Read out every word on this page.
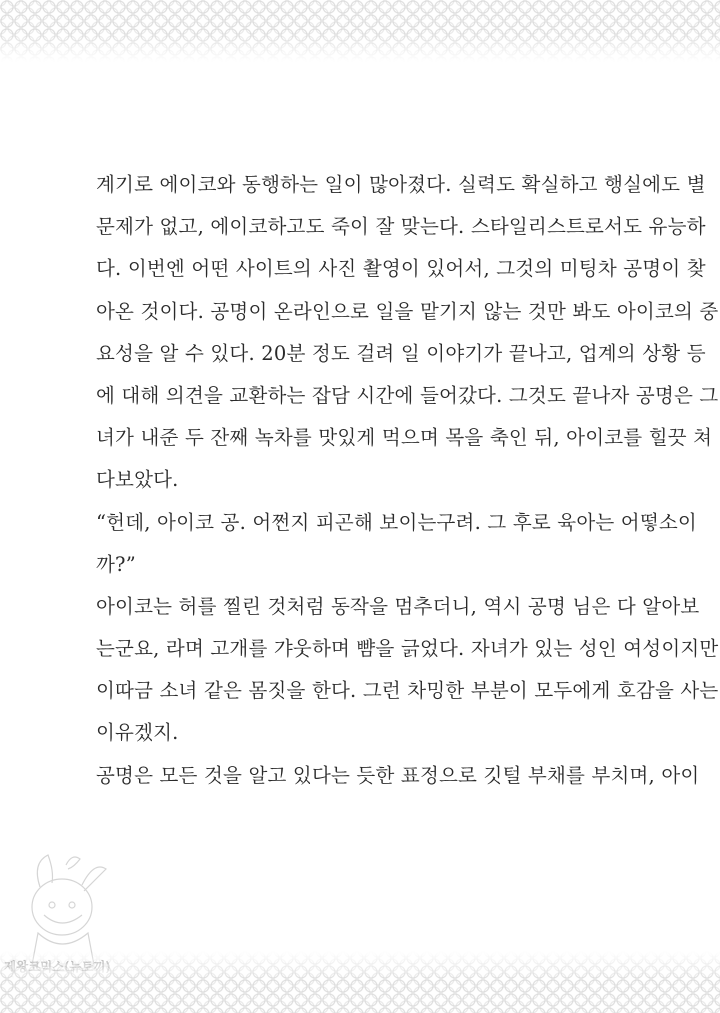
계기로 에이코와 동행하는 일이 많아졌다. 실력도 확실하고 행실에도 별
문제가 없고, 에이코하고도 죽이 잘 맞는다. 스타일리스트로서도 유능하
다. 이번엔 어떤 사이트의 사진 촬영이 있어서, 그것의 미팅차 공명이 찾
아온 것이다. 공명이 온라인으로 일을 맡기지 않는 것만 봐도 아이코의 중
요성을 알 수 있다. 20분 정도 걸려 일 이야기가 끝나고, 업계의 상황 등
에 대해 의견을 교환하는 잡담 시간에 들어갔다. 그것도 끝나자 공명은 그
녀가 내준 두 잔째 녹차를 맛있게 먹으며 목을 축인 뒤, 아이코를 힐끗 쳐
다보았다.
“헌데, 아이코 공. 어쩐지 피곤해 보이는구려. 그 후로 육아는 어떻소이
까?”
아이코는 허를 찔린 것처럼 동작을 멈추더니, 역시 공명 님은 다 알아보
는군요, 라며 고개를 갸웃하며 뺨을 긁었다. 자녀가 있는 성인 여성이지만
이따금 소녀 같은 몸짓을 한다. 그런 차밍한 부분이 모두에게 호감을 사는
이유겠지.
공명은 모든 것을 알고 있다는 듯한 표정으로 깃털 부채를 부치며, 아이
